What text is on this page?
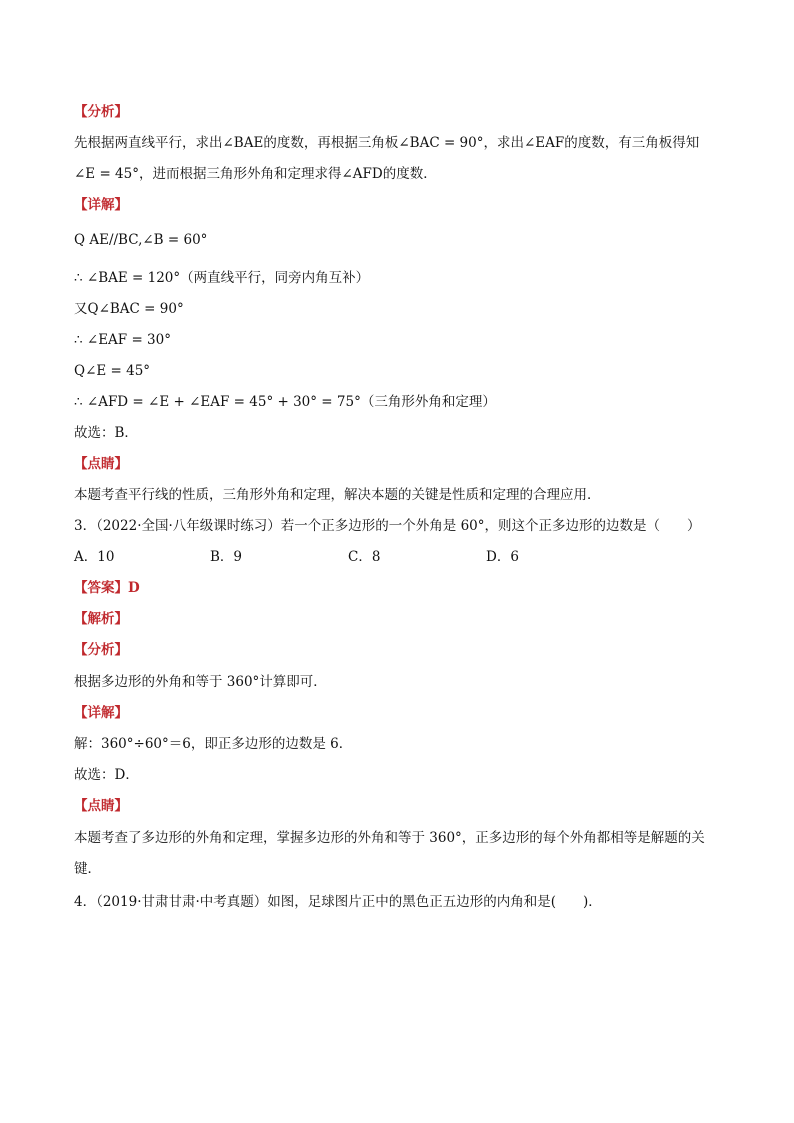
【分析】
先根据两直线平行，求出∠BAE的度数，再根据三角板∠BAC = 90°，求出∠EAF的度数，有三角板得知
∠E = 45°，进而根据三角形外角和定理求得∠AFD的度数．
【详解】
Q AE//BC,∠B = 60°
∴ ∠BAE = 120°（两直线平行，同旁内角互补）
又Q∠BAC = 90°
∴ ∠EAF = 30°
Q∠E = 45°
∴ ∠AFD = ∠E + ∠EAF = 45° + 30° = 75°（三角形外角和定理）
故选：B．
【点睛】
本题考查平行线的性质，三角形外角和定理，解决本题的关键是性质和定理的合理应用．
3．（2022·全国·八年级课时练习）若一个正多边形的一个外角是 60°，则这个正多边形的边数是（　　）
A．10	B．9	C．8	D．6
【答案】D
【解析】
【分析】
根据多边形的外角和等于 360°计算即可．
【详解】
解：360°÷60°＝6，即正多边形的边数是 6．
故选：D．
【点睛】
本题考查了多边形的外角和定理，掌握多边形的外角和等于 360°，正多边形的每个外角都相等是解题的关
键．
4．（2019·甘肃甘肃·中考真题）如图，足球图片正中的黑色正五边形的内角和是(　　)．
